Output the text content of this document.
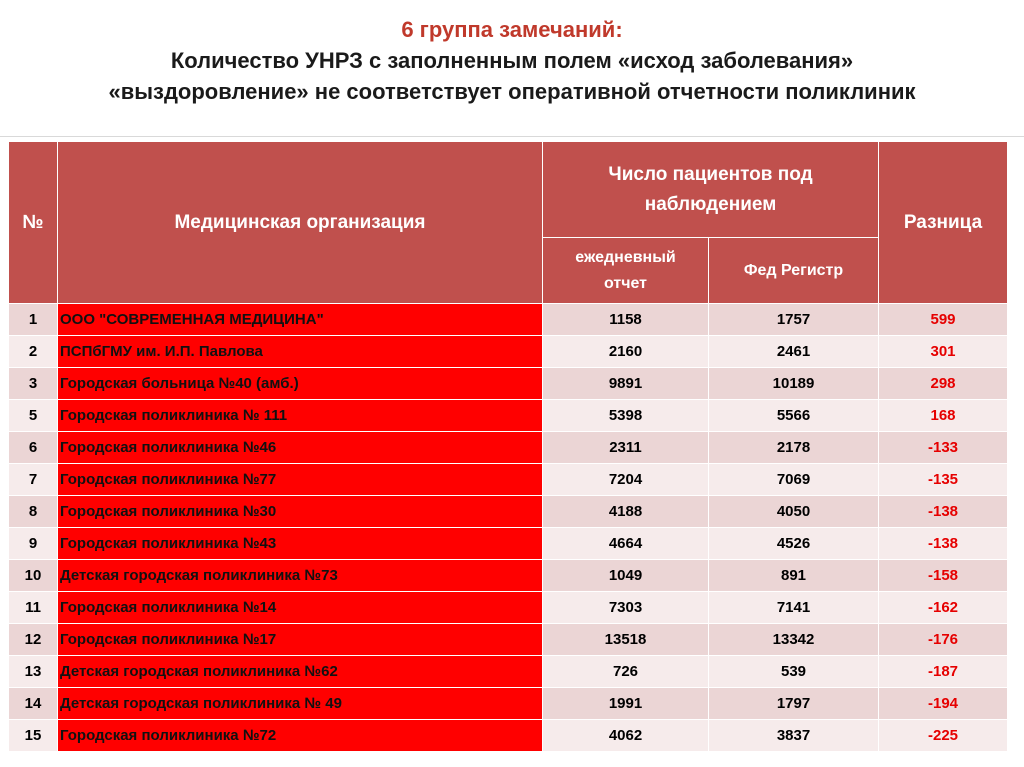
6 группа замечаний:
Количество УНРЗ с заполненным полем «исход заболевания»
«выздоровление» не соответствует оперативной отчетности поликлиник
№	Медицинская организация	Число пациентов под наблюдением		Разница
		ежедневный отчет	Фед Регистр	
1	ООО "СОВРЕМЕННАЯ МЕДИЦИНА"	1158	1757	599
2	ПСПбГМУ им. И.П. Павлова	2160	2461	301
3	Городская больница №40 (амб.)	9891	10189	298
5	Городская поликлиника № 111	5398	5566	168
6	Городская поликлиника №46	2311	2178	-133
7	Городская поликлиника №77	7204	7069	-135
8	Городская поликлиника №30	4188	4050	-138
9	Городская поликлиника №43	4664	4526	-138
10	Детская городская поликлиника №73	1049	891	-158
11	Городская поликлиника №14	7303	7141	-162
12	Городская поликлиника №17	13518	13342	-176
13	Детская городская поликлиника №62	726	539	-187
14	Детская городская поликлиника № 49	1991	1797	-194
15	Городская поликлиника №72	4062	3837	-225
